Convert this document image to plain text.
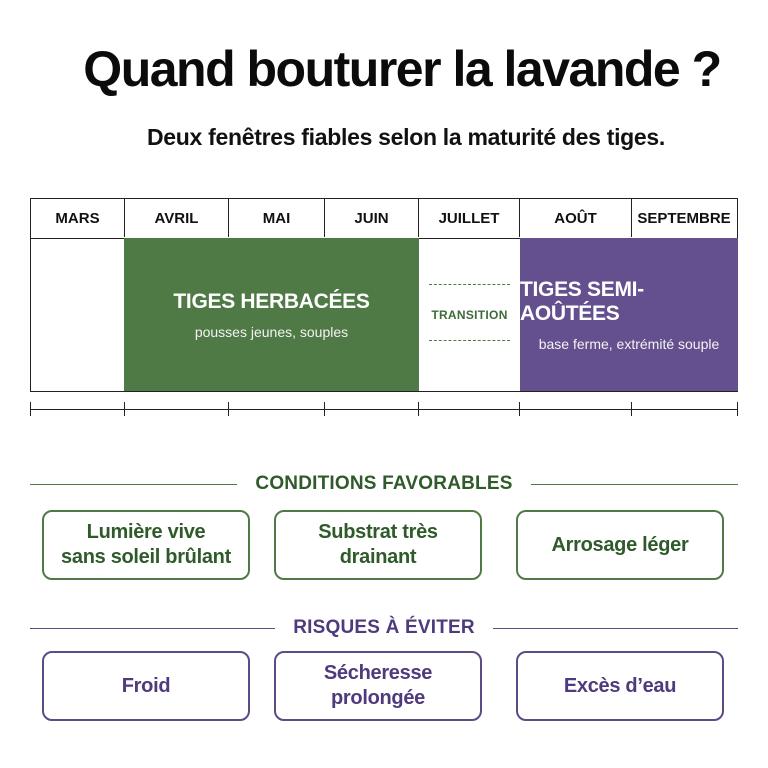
Quand bouturer la lavande ?
Deux fenêtres fiables selon la maturité des tiges.
MARS	AVRIL	MAI	JUIN	JUILLET	AOÛT	SEPTEMBRE
TIGES HERBACÉES
pousses jeunes, souples
TRANSITION
TIGES SEMI-AOÛTÉES
base ferme, extrémité souple
CONDITIONS FAVORABLES
Lumière vive
sans soleil brûlant
Substrat très
drainant
Arrosage léger
RISQUES À ÉVITER
Froid
Sécheresse
prolongée
Excès d’eau
